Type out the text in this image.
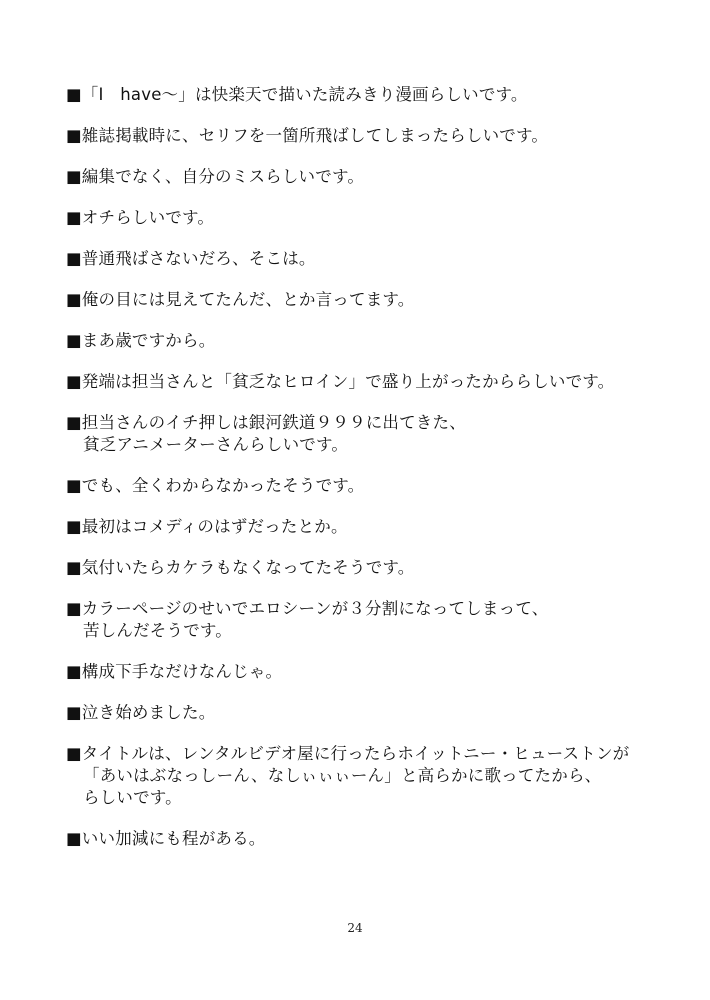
■「I　have～」は快楽天で描いた読みきり漫画らしいです。

■雑誌掲載時に、セリフを一箇所飛ばしてしまったらしいです。

■編集でなく、自分のミスらしいです。

■オチらしいです。

■普通飛ばさないだろ、そこは。

■俺の目には見えてたんだ、とか言ってます。

■まあ歳ですから。

■発端は担当さんと「貧乏なヒロイン」で盛り上がったかららしいです。

■担当さんのイチ押しは銀河鉄道９９９に出てきた、
貧乏アニメーターさんらしいです。

■でも、全くわからなかったそうです。

■最初はコメディのはずだったとか。

■気付いたらカケラもなくなってたそうです。

■カラーページのせいでエロシーンが３分割になってしまって、
苦しんだそうです。

■構成下手なだけなんじゃ。

■泣き始めました。

■タイトルは、レンタルビデオ屋に行ったらホイットニー・ヒューストンが
「あいはぶなっしーん、なしぃぃぃーん」と高らかに歌ってたから、
らしいです。

■いい加減にも程がある。

24
